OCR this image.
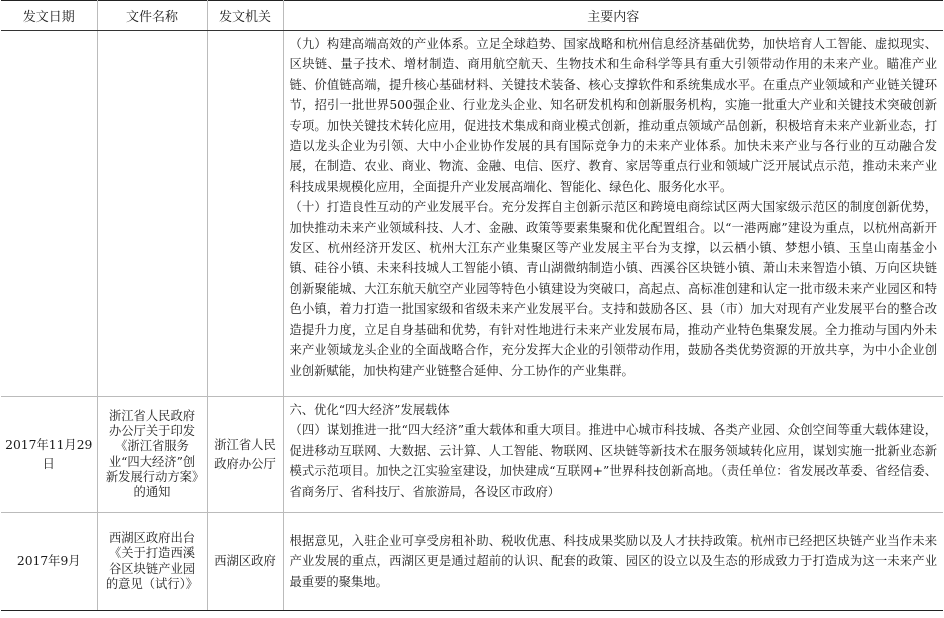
发文日期	文件名称	发文机关	主要内容

			（九）构建高端高效的产业体系。立足全球趋势、国家战略和杭州信息经济基础优势，加快培育人工智能、虚拟现实、区块链、量子技术、增材制造、商用航空航天、生物技术和生命科学等具有重大引领带动作用的未来产业。瞄准产业链、价值链高端，提升核心基础材料、关键技术装备、核心支撑软件和系统集成水平。在重点产业领域和产业链关键环节，招引一批世界500强企业、行业龙头企业、知名研发机构和创新服务机构，实施一批重大产业和关键技术突破创新专项。加快关键技术转化应用，促进技术集成和商业模式创新，推动重点领域产品创新，积极培育未来产业新业态，打造以龙头企业为引领、大中小企业协作发展的具有国际竞争力的未来产业体系。加快未来产业与各行业的互动融合发展，在制造、农业、商业、物流、金融、电信、医疗、教育、家居等重点行业和领域广泛开展试点示范，推动未来产业科技成果规模化应用，全面提升产业发展高端化、智能化、绿色化、服务化水平。

（十）打造良性互动的产业发展平台。充分发挥自主创新示范区和跨境电商综试区两大国家级示范区的制度创新优势，加快推动未来产业领域科技、人才、金融、政策等要素集聚和优化配置组合。以“一港两廊”建设为重点，以杭州高新开发区、杭州经济开发区、杭州大江东产业集聚区等产业发展主平台为支撑，以云栖小镇、梦想小镇、玉皇山南基金小镇、硅谷小镇、未来科技城人工智能小镇、青山湖微纳制造小镇、西溪谷区块链小镇、萧山未来智造小镇、万向区块链创新聚能城、大江东航天航空产业园等特色小镇建设为突破口，高起点、高标准创建和认定一批市级未来产业园区和特色小镇，着力打造一批国家级和省级未来产业发展平台。支持和鼓励各区、县（市）加大对现有产业发展平台的整合改造提升力度，立足自身基础和优势，有针对性地进行未来产业发展布局，推动产业特色集聚发展。全力推动与国内外未来产业领域龙头企业的全面战略合作，充分发挥大企业的引领带动作用，鼓励各类优势资源的开放共享，为中小企业创业创新赋能，加快构建产业链整合延伸、分工协作的产业集群。

2017年11月29日	浙江省人民政府办公厅关于印发《浙江省服务业“四大经济”创新发展行动方案》的通知	浙江省人民政府办公厅	六、优化“四大经济”发展载体

（四）谋划推进一批“四大经济”重大载体和重大项目。推进中心城市科技城、各类产业园、众创空间等重大载体建设，促进移动互联网、大数据、云计算、人工智能、物联网、区块链等新技术在服务领域转化应用，谋划实施一批新业态新模式示范项目。加快之江实验室建设，加快建成“互联网+”世界科技创新高地。（责任单位：省发展改革委、省经信委、省商务厅、省科技厅、省旅游局，各设区市政府）

2017年9月	西湖区政府出台《关于打造西溪谷区块链产业园的意见（试行）》	西湖区政府	根据意见，入驻企业可享受房租补助、税收优惠、科技成果奖励以及人才扶持政策。杭州市已经把区块链产业当作未来产业发展的重点，西湖区更是通过超前的认识、配套的政策、园区的设立以及生态的形成致力于打造成为这一未来产业最重要的聚集地。
